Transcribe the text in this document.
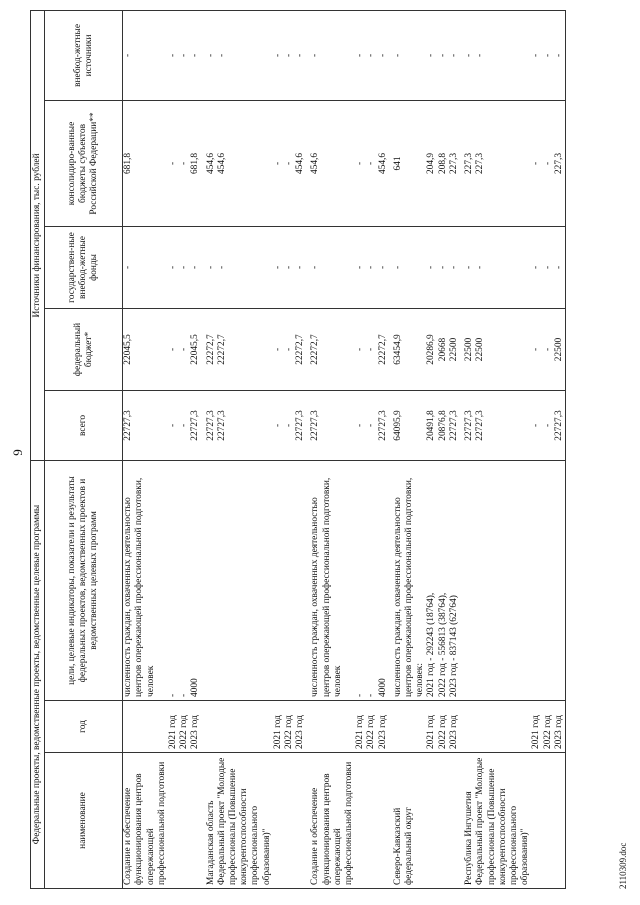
9
Федеральные проекты, ведомственные проекты, ведомственные целевые программы			Источники финансирования, тыс. рублей				
наименование	год	цели, целевые индикаторы, показатели и результаты федеральных проектов, ведомственных проектов и ведомственных целевых программ	всего	федеральный бюджет*	государствен-ные внебюд-жетные фонды	консолидиро-ванные бюджеты субъектов Российской Федерации**	внебюд-жетные источники
Создание и обеспечение функционирования центров опережающей профессиональной подготовки		численность граждан, охваченных деятельностью центров опережающей профессиональной подготовки, человек	22727,3	22045,5	-	681,8	-
	2021 год	-	-	-	-	-	-
	2022 год	-	-	-	-	-	-
	2023 год	4000	22727,3	22045,5	-	681,8	-

Магаданская область			22727,3	22272,7	-	454,6	-
Федеральный проект "Молодые профессионалы (Повышение конкурентоспособности профессионального образования)"			22727,3	22272,7	-	454,6	-
	2021 год		-	-	-	-	-
	2022 год		-	-	-	-	-
	2023 год		22727,3	22272,7	-	454,6	-

Создание и обеспечение функционирования центров опережающей профессиональной подготовки		численность граждан, охваченных деятельностью центров опережающей профессиональной подготовки, человек	22727,3	22272,7	-	454,6	-
	2021 год	-	-	-	-	-	-
	2022 год	-	-	-	-	-	-
	2023 год	4000	22727,3	22272,7	-	454,6	-

Северо-Кавказский федеральный округ		численность граждан, охваченных деятельностью центров опережающей профессиональной подготовки, человек:	64095,9	63454,9	-	641	-
	2021 год	2021 год - 292243 (18764),	20491,8	20286,9	-	204,9	-
	2022 год	2022 год - 556813 (38764),	20876,8	20668	-	208,8	-
	2023 год	2023 год - 837143 (62764)	22727,3	22500	-	227,3	-

Республика Ингушетия			22727,3	22500	-	227,3	-
Федеральный проект "Молодые профессионалы (Повышение конкурентоспособности профессионального образования)"			22727,3	22500	-	227,3	-
	2021 год		-	-	-	-	-
	2022 год		-	-	-	-	-
	2023 год		22727,3	22500	-	227,3	-
2110309.doc
